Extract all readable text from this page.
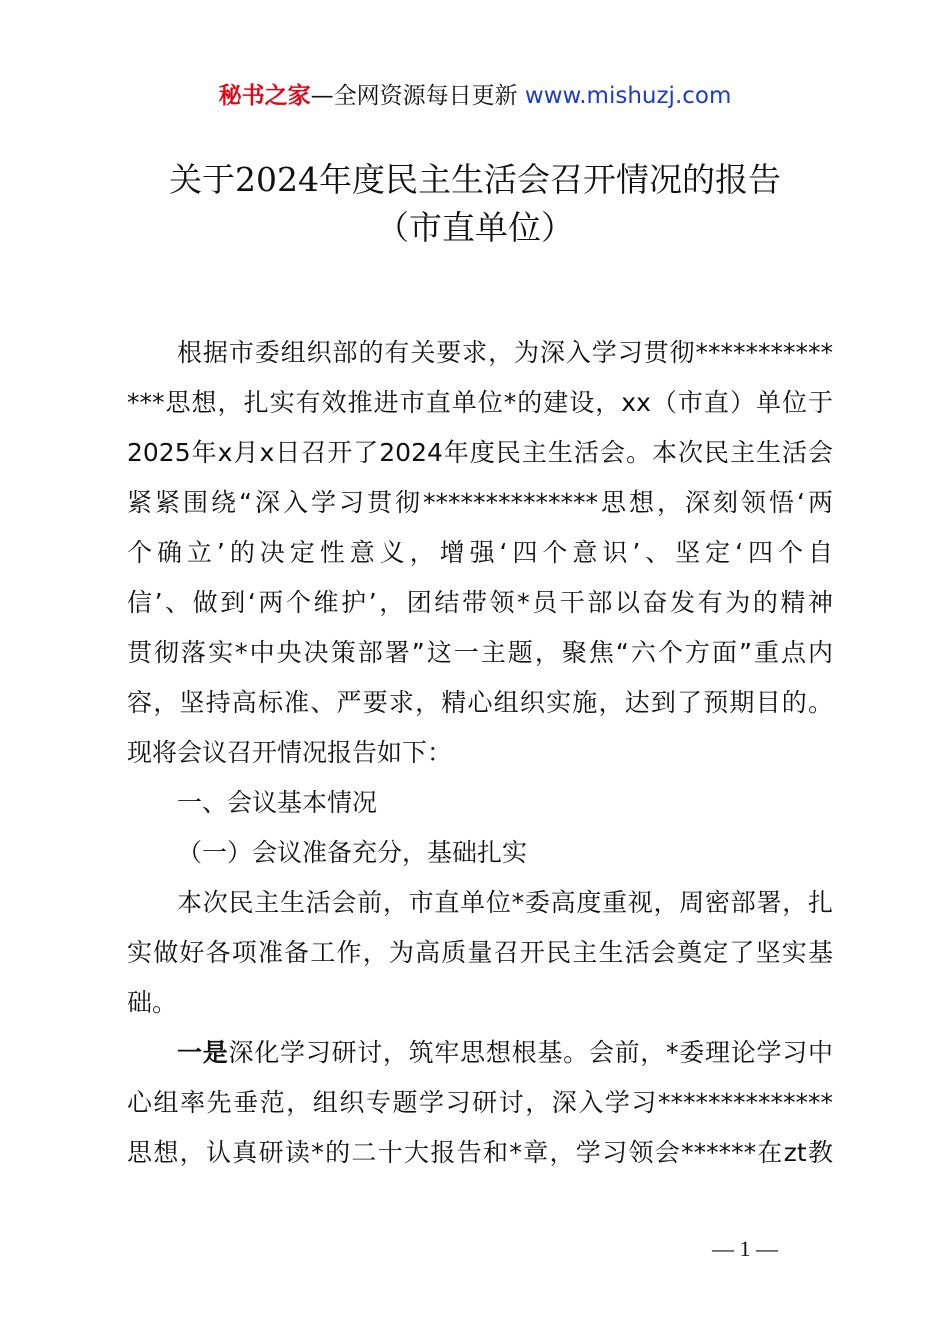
秘书之家—全网资源每日更新 www.mishuzj.com
关于2024年度民主生活会召开情况的报告
（市直单位）
根据市委组织部的有关要求，为深入学习贯彻***********
***思想，扎实有效推进市直单位*的建设，xx（市直）单位于
2025年x月x日召开了2024年度民主生活会。本次民主生活会
紧紧围绕“深入学习贯彻**************思想，深刻领悟‘两
个确立’的决定性意义，增强‘四个意识’、坚定‘四个自
信’、做到‘两个维护’，团结带领*员干部以奋发有为的精神
贯彻落实*中央决策部署”这一主题，聚焦“六个方面”重点内
容，坚持高标准、严要求，精心组织实施，达到了预期目的。
现将会议召开情况报告如下：
一、会议基本情况
（一）会议准备充分，基础扎实
本次民主生活会前，市直单位*委高度重视，周密部署，扎
实做好各项准备工作，为高质量召开民主生活会奠定了坚实基
础。
一是深化学习研讨，筑牢思想根基。会前，*委理论学习中
心组率先垂范，组织专题学习研讨，深入学习**************
思想，认真研读*的二十大报告和*章，学习领会******在zt教
— 1 —
